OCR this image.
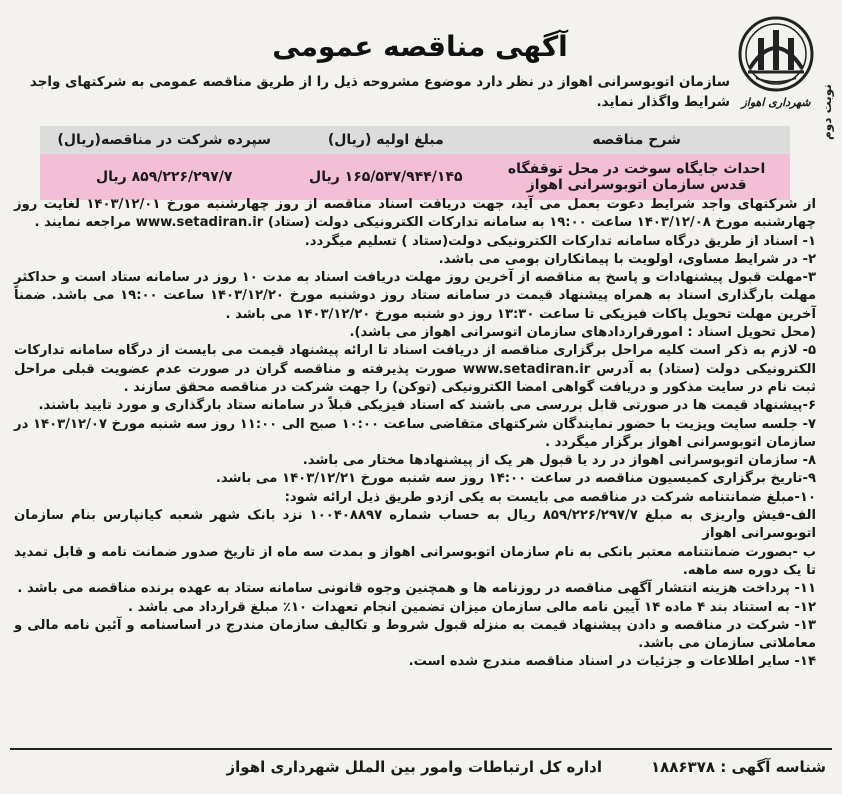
نوبت دوم
شهرداری اهواز
آگهی مناقصه عمومی
سازمان اتوبوسرانی اهواز در نظر دارد موضوع مشروحه ذیل را از طریق مناقصه عمومی به شرکتهای واجد شرایط واگذار نماید.
شرح مناقصه	مبلغ اولیه (ریال)	سپرده شرکت در مناقصه(ریال)
احداث جایگاه سوخت در محل توقفگاه قدس سازمان اتوبوسرانی اهواز	۱۶۵/۵۳۷/۹۴۴/۱۴۵ ریال	۸۵۹/۲۲۶/۲۹۷/۷ ریال

از شرکتهای واجد شرایط دعوت بعمل می آید، جهت دریافت اسناد مناقصه از روز چهارشنبه مورخ ۱۴۰۳/۱۲/۰۱ لغایت روز چهارشنبه مورخ ۱۴۰۳/۱۲/۰۸ ساعت ۱۹:۰۰ به سامانه تدارکات الکترونیکی دولت (ستاد) www.setadiran.ir مراجعه نمایند .

۱- اسناد از طریق درگاه سامانه تدارکات الکترونیکی دولت(ستاد ) تسلیم میگردد.

۲- در شرایط مساوی، اولویت با پیمانکاران بومی می باشد.

۳-مهلت قبول پیشنهادات و پاسخ به مناقصه از آخرین روز مهلت دریافت اسناد به مدت ۱۰ روز در سامانه ستاد است و حداکثر مهلت بارگذاری اسناد به همراه پیشنهاد قیمت در سامانه ستاد روز دوشنبه مورخ ۱۴۰۳/۱۲/۲۰ ساعت ۱۹:۰۰ می باشد. ضمناً آخرین مهلت تحویل پاکات فیزیکی تا ساعت ۱۳:۳۰ روز دو شنبه مورخ ۱۴۰۳/۱۲/۲۰ می باشد .

(محل تحویل اسناد : امورقراردادهای سازمان اتوسرانی اهواز می باشد).

۵- لازم به ذکر است کلیه مراحل برگزاری مناقصه از دریافت اسناد تا ارائه پیشنهاد قیمت می بایست از درگاه سامانه تدارکات الکترونیکی دولت (ستاد) به آدرس www.setadiran.ir صورت پذیرفته و مناقصه گران در صورت عدم عضویت قبلی مراحل ثبت نام در سایت مذکور و دریافت گواهی امضا الکترونیکی (توکن) را جهت شرکت در مناقصه محقق سازند .

۶-پیشنهاد قیمت ها در صورتی قابل بررسی می باشند که اسناد فیزیکی قبلاً در سامانه ستاد بارگذاری و مورد تایید باشند.

۷- جلسه سایت ویزیت با حضور نمایندگان شرکتهای متقاضی ساعت ۱۰:۰۰ صبح الی ۱۱:۰۰ روز سه شنبه مورخ ۱۴۰۳/۱۲/۰۷ در سازمان اتوبوسرانی اهواز برگزار میگردد .

۸- سازمان اتوبوسرانی اهواز در رد یا قبول هر یک از پیشنهادها مختار می باشد.

۹-تاریخ برگزاری کمیسیون مناقصه در ساعت ۱۴:۰۰ روز سه شنبه مورخ ۱۴۰۳/۱۲/۲۱ می باشد.

۱۰-مبلغ ضمانتنامه شرکت در مناقصه می بایست به یکی ازدو طریق ذیل ارائه شود:

الف-فیش واریزی به مبلغ ۸۵۹/۲۲۶/۲۹۷/۷ ریال به حساب شماره ۱۰۰۴۰۸۸۹۷ نزد بانک شهر شعبه کیانپارس بنام سازمان اتوبوسرانی اهواز

ب -بصورت ضمانتنامه معتبر بانکی به نام سازمان اتوبوسرانی اهواز و بمدت سه ماه از تاریخ صدور ضمانت نامه و قابل تمدید تا یک دوره سه ماهه.

۱۱- پرداخت هزینه انتشار آگهی مناقصه در روزنامه ها و همچنین وجوه قانونی سامانه ستاد به عهده برنده مناقصه می باشد .

۱۲- به استناد بند ۴ ماده ۱۴ آیین نامه مالی سازمان میزان تضمین انجام تعهدات ۱۰٪ مبلغ قرارداد می باشد .

۱۳- شرکت در مناقصه و دادن پیشنهاد قیمت به منزله قبول شروط و تکالیف سازمان مندرج در اساسنامه و آئین نامه مالی و معاملاتی سازمان می باشد.

۱۴- سایر اطلاعات و جزئیات در اسناد مناقصه مندرج شده است.

شناسه آگهی : ۱۸۸۶۳۷۸
اداره کل ارتباطات وامور بین الملل شهرداری اهواز
